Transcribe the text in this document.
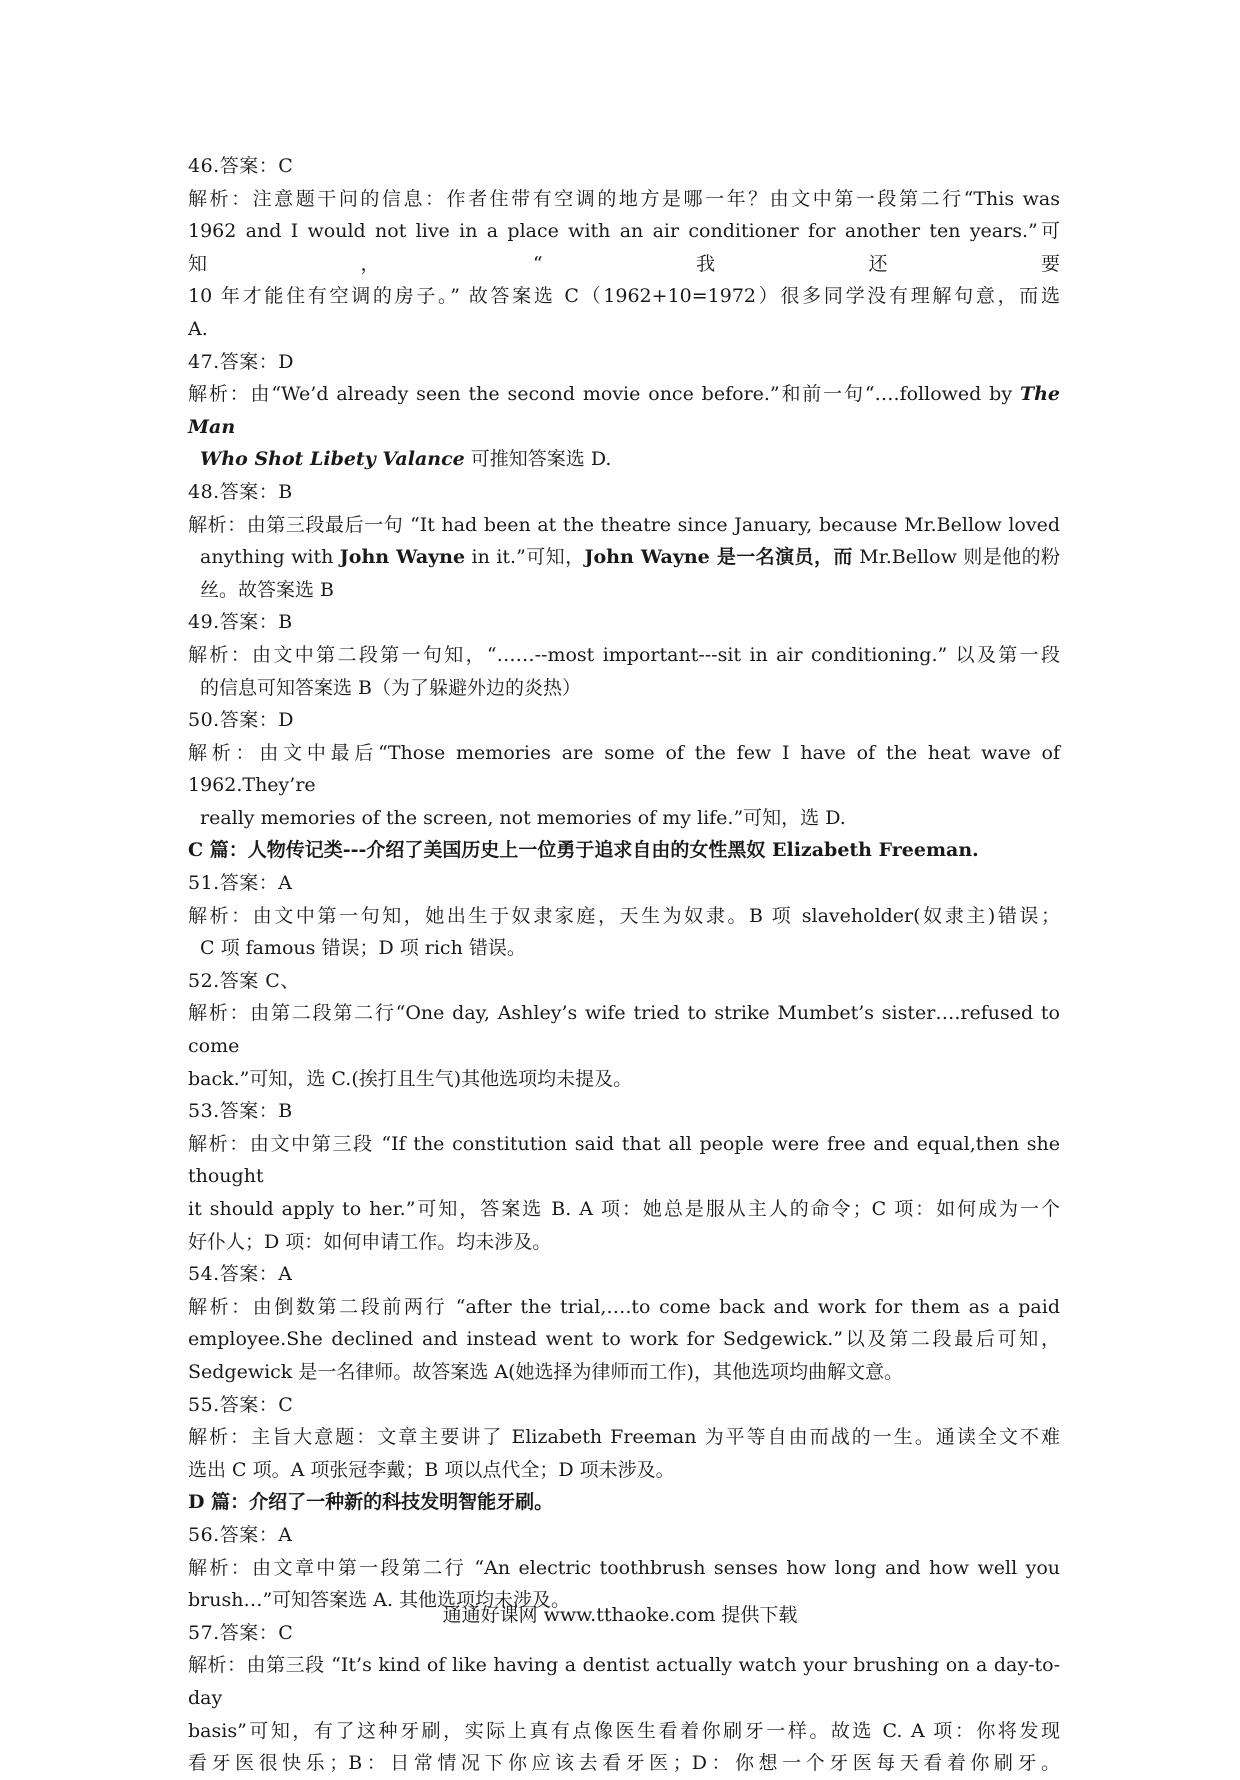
46.答案：C
解析：注意题干问的信息：作者住带有空调的地方是哪一年？由文中第一段第二行“This was
1962 and I would not live in a place with an air conditioner for another ten years.”可知，“我还要
10 年才能住有空调的房子。” 故答案选 C（1962+10=1972）很多同学没有理解句意，而选
A.
47.答案：D
解析：由“We’d already seen the second movie once before.”和前一句“….followed by The Man
Who Shot Libety Valance 可推知答案选 D.
48.答案：B
解析：由第三段最后一句 “It had been at the theatre since January, because Mr.Bellow loved
anything with John Wayne in it.”可知，John Wayne 是一名演员，而 Mr.Bellow 则是他的粉
丝。故答案选 B
49.答案：B
解析：由文中第二段第一句知，“……--most important---sit in air conditioning.” 以及第一段
的信息可知答案选 B（为了躲避外边的炎热）
50.答案：D
解析：由文中最后“Those memories are some of the few I have of the heat wave of 1962.They’re
really memories of the screen, not memories of my life.”可知，选 D.
C 篇：人物传记类---介绍了美国历史上一位勇于追求自由的女性黑奴 Elizabeth Freeman.
51.答案：A
解析：由文中第一句知，她出生于奴隶家庭，天生为奴隶。B 项 slaveholder(奴隶主)错误；
C 项 famous 错误；D 项 rich 错误。
52.答案 C、
解析：由第二段第二行“One day, Ashley’s wife tried to strike Mumbet’s sister….refused to come
back.”可知，选 C.(挨打且生气)其他选项均未提及。
53.答案：B
解析：由文中第三段 “If the constitution said that all people were free and equal,then she thought
it should apply to her.”可知，答案选 B. A 项：她总是服从主人的命令；C 项：如何成为一个
好仆人；D 项：如何申请工作。均未涉及。
54.答案：A
解析：由倒数第二段前两行 “after the trial,….to come back and work for them as a paid
employee.She declined and instead went to work for Sedgewick.”以及第二段最后可知，
Sedgewick 是一名律师。故答案选 A(她选择为律师而工作)，其他选项均曲解文意。
55.答案：C
解析：主旨大意题：文章主要讲了 Elizabeth Freeman 为平等自由而战的一生。通读全文不难
选出 C 项。A 项张冠李戴；B 项以点代全；D 项未涉及。
D 篇：介绍了一种新的科技发明智能牙刷。
56.答案：A
解析：由文章中第一段第二行 “An electric toothbrush senses how long and how well you
brush…”可知答案选 A. 其他选项均未涉及。
57.答案：C
解析：由第三段 “It’s kind of like having a dentist actually watch your brushing on a day-to-day
basis”可知，有了这种牙刷，实际上真有点像医生看着你刷牙一样。故选 C. A 项：你将发现
看牙医很快乐；B：日常情况下你应该去看牙医；D：你想一个牙医每天看着你刷牙。
通通好课网 www.tthaoke.com 提供下载
